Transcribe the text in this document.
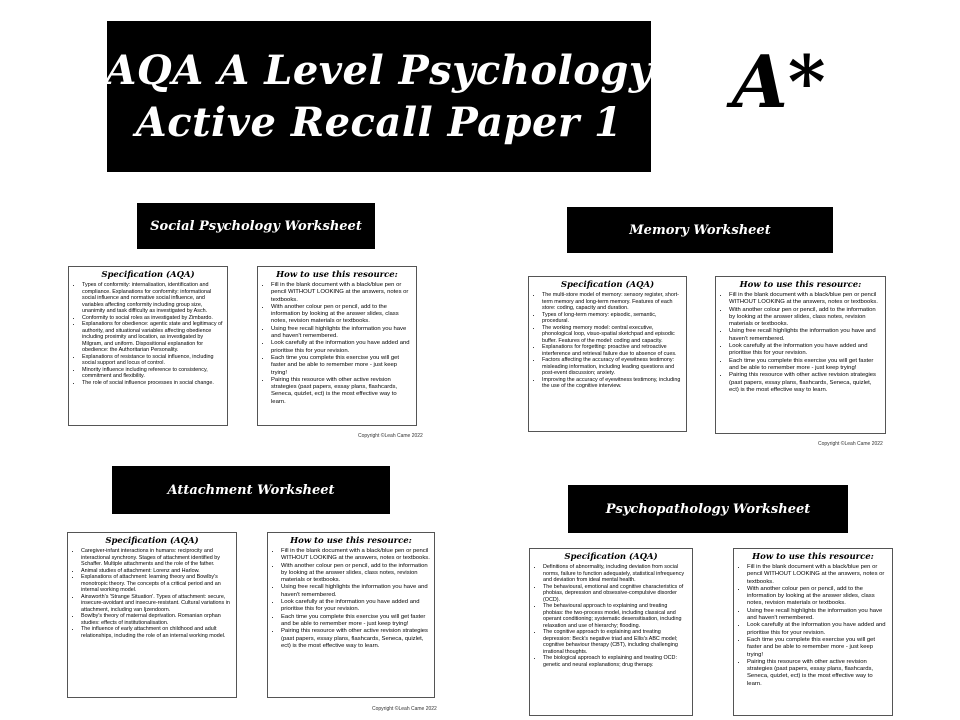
AQA A Level Psychology
Active Recall Paper 1 A*
Social Psychology Worksheet
Specification (AQA)
• Types of conformity: internalisation, identification and compliance. Explanations for conformity: informational social influence and normative social influence, and variables affecting conformity including group size, unanimity and task difficulty as investigated by Asch.
• Conformity to social roles as investigated by Zimbardo.
• Explanations for obedience: agentic state and legitimacy of authority, and situational variables affecting obedience including proximity and location, as investigated by Milgram, and uniform. Dispositional explanation for obedience: the Authoritarian Personality.
• Explanations of resistance to social influence, including social support and locus of control.
• Minority influence including reference to consistency, commitment and flexibility.
• The role of social influence processes in social change.
How to use this resource:
• Fill in the blank document with a black/blue pen or pencil WITHOUT LOOKING at the answers, notes or textbooks.
• With another colour pen or pencil, add to the information by looking at the answer slides, class notes, revision materials or textbooks.
• Using free recall highlights the information you have and haven't remembered.
• Look carefully at the information you have added and prioritise this for your revision.
• Each time you complete this exercise you will get faster and be able to remember more - just keep trying!
• Pairing this resource with other active revision strategies (past papers, essay plans, flashcards, Seneca, quizlet, ect) is the most effective way to learn.
Copyright ©Leah Came 2022
Memory Worksheet
Specification (AQA)
• The multi-store model of memory: sensory register, short-term memory and long-term memory. Features of each store: coding, capacity and duration.
• Types of long-term memory: episodic, semantic, procedural.
• The working memory model: central executive, phonological loop, visuo-spatial sketchpad and episodic buffer. Features of the model: coding and capacity.
• Explanations for forgetting: proactive and retroactive interference and retrieval failure due to absence of cues.
• Factors affecting the accuracy of eyewitness testimony: misleading information, including leading questions and post-event discussion; anxiety.
• Improving the accuracy of eyewitness testimony, including the use of the cognitive interview.
How to use this resource:
• Fill in the blank document with a black/blue pen or pencil WITHOUT LOOKING at the answers, notes or textbooks.
• With another colour pen or pencil, add to the information by looking at the answer slides, class notes, revision materials or textbooks.
• Using free recall highlights the information you have and haven't remembered.
• Look carefully at the information you have added and prioritise this for your revision.
• Each time you complete this exercise you will get faster and be able to remember more - just keep trying!
• Pairing this resource with other active revision strategies (past papers, essay plans, flashcards, Seneca, quizlet, ect) is the most effective way to learn.
Copyright ©Leah Came 2022
Attachment Worksheet
Specification (AQA)
• Caregiver-infant interactions in humans: reciprocity and interactional synchrony. Stages of attachment identified by Schaffer. Multiple attachments and the role of the father.
• Animal studies of attachment: Lorenz and Harlow.
• Explanations of attachment: learning theory and Bowlby's monotropic theory. The concepts of a critical period and an internal working model.
• Ainsworth's 'Strange Situation'. Types of attachment: secure, insecure-avoidant and insecure-resistant. Cultural variations in attachment, including van Ijzendoorn.
• Bowlby's theory of maternal deprivation. Romanian orphan studies: effects of institutionalisation.
• The influence of early attachment on childhood and adult relationships, including the role of an internal working model.
How to use this resource:
• Fill in the blank document with a black/blue pen or pencil WITHOUT LOOKING at the answers, notes or textbooks.
• With another colour pen or pencil, add to the information by looking at the answer slides, class notes, revision materials or textbooks.
• Using free recall highlights the information you have and haven't remembered.
• Look carefully at the information you have added and prioritise this for your revision.
• Each time you complete this exercise you will get faster and be able to remember more - just keep trying!
• Pairing this resource with other active revision strategies (past papers, essay plans, flashcards, Seneca, quizlet, ect) is the most effective way to learn.
Copyright ©Leah Came 2022
Psychopathology Worksheet
Specification (AQA)
• Definitions of abnormality, including deviation from social norms, failure to function adequately, statistical infrequency and deviation from ideal mental health.
• The behavioural, emotional and cognitive characteristics of phobias, depression and obsessive-compulsive disorder (OCD).
• The behavioural approach to explaining and treating phobias: the two-process model, including classical and operant conditioning; systematic desensitisation, including relaxation and use of hierarchy; flooding.
• The cognitive approach to explaining and treating depression: Beck's negative triad and Ellis's ABC model; cognitive behaviour therapy (CBT), including challenging irrational thoughts.
• The biological approach to explaining and treating OCD: genetic and neural explanations; drug therapy.
How to use this resource:
• Fill in the blank document with a black/blue pen or pencil WITHOUT LOOKING at the answers, notes or textbooks.
• With another colour pen or pencil, add to the information by looking at the answer slides, class notes, revision materials or textbooks.
• Using free recall highlights the information you have and haven't remembered.
• Look carefully at the information you have added and prioritise this for your revision.
• Each time you complete this exercise you will get faster and be able to remember more - just keep trying!
• Pairing this resource with other active revision strategies (past papers, essay plans, flashcards, Seneca, quizlet, ect) is the most effective way to learn.
